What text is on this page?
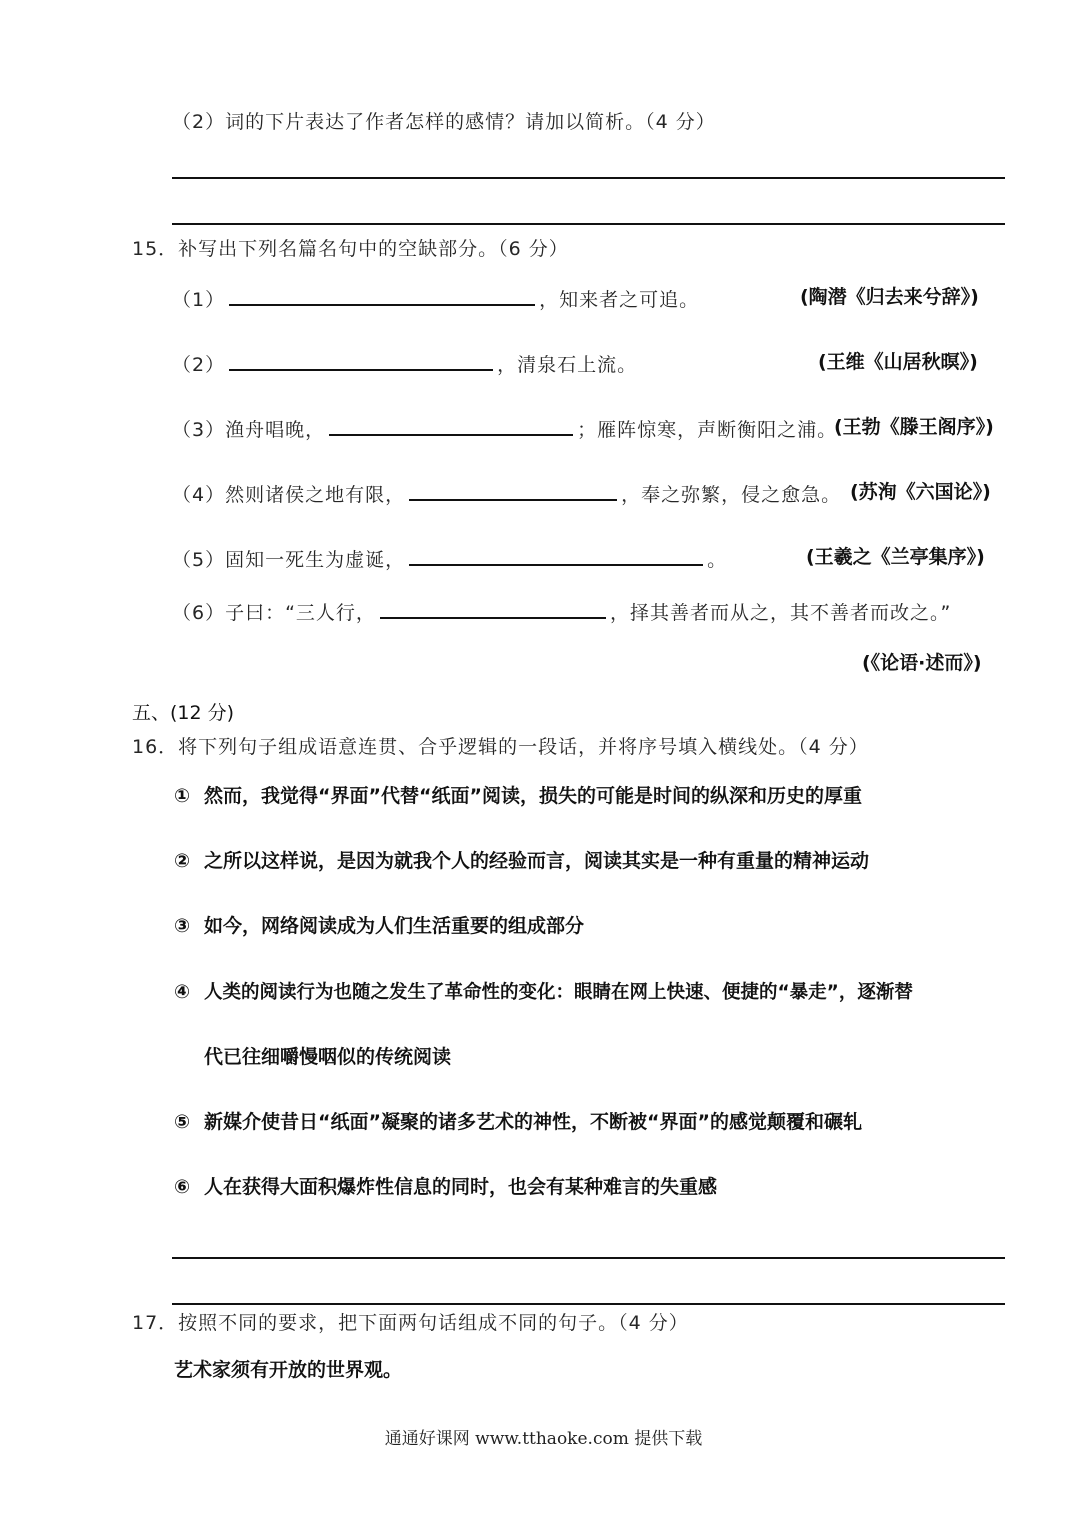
（2）词的下片表达了作者怎样的感情？请加以简析。（4 分）
15．补写出下列名篇名句中的空缺部分。（6 分）
（1）	，知来者之可追。	(陶潜《归去来兮辞》)
（2）	，清泉石上流。	(王维《山居秋暝》)
（3）渔舟唱晚，	；雁阵惊寒，声断衡阳之浦。
(王勃《滕王阁序》)
（4）然则诸侯之地有限，	，奉之弥繁，侵之愈急。 (苏洵《六国论》)
（5）固知一死生为虚诞，	。	(王羲之《兰亭集序》)
（6）子曰：“三人行，	，择其善者而从之，其不善者而改之。”
(《论语·述而》)
五、(12 分)
16．将下列句子组成语意连贯、合乎逻辑的一段话，并将序号填入横线处。（4 分）
① 然而，我觉得“界面”代替“纸面”阅读，损失的可能是时间的纵深和历史的厚重
② 之所以这样说，是因为就我个人的经验而言，阅读其实是一种有重量的精神运动
③ 如今，网络阅读成为人们生活重要的组成部分
④ 人类的阅读行为也随之发生了革命性的变化：眼睛在网上快速、便捷的“暴走”，逐渐替
代已往细嚼慢咽似的传统阅读
⑤ 新媒介使昔日“纸面”凝聚的诸多艺术的神性，不断被“界面”的感觉颠覆和碾轧
⑥ 人在获得大面积爆炸性信息的同时，也会有某种难言的失重感
17．按照不同的要求，把下面两句话组成不同的句子。（4 分）
艺术家须有开放的世界观。
通通好课网 www.tthaoke.com 提供下载
